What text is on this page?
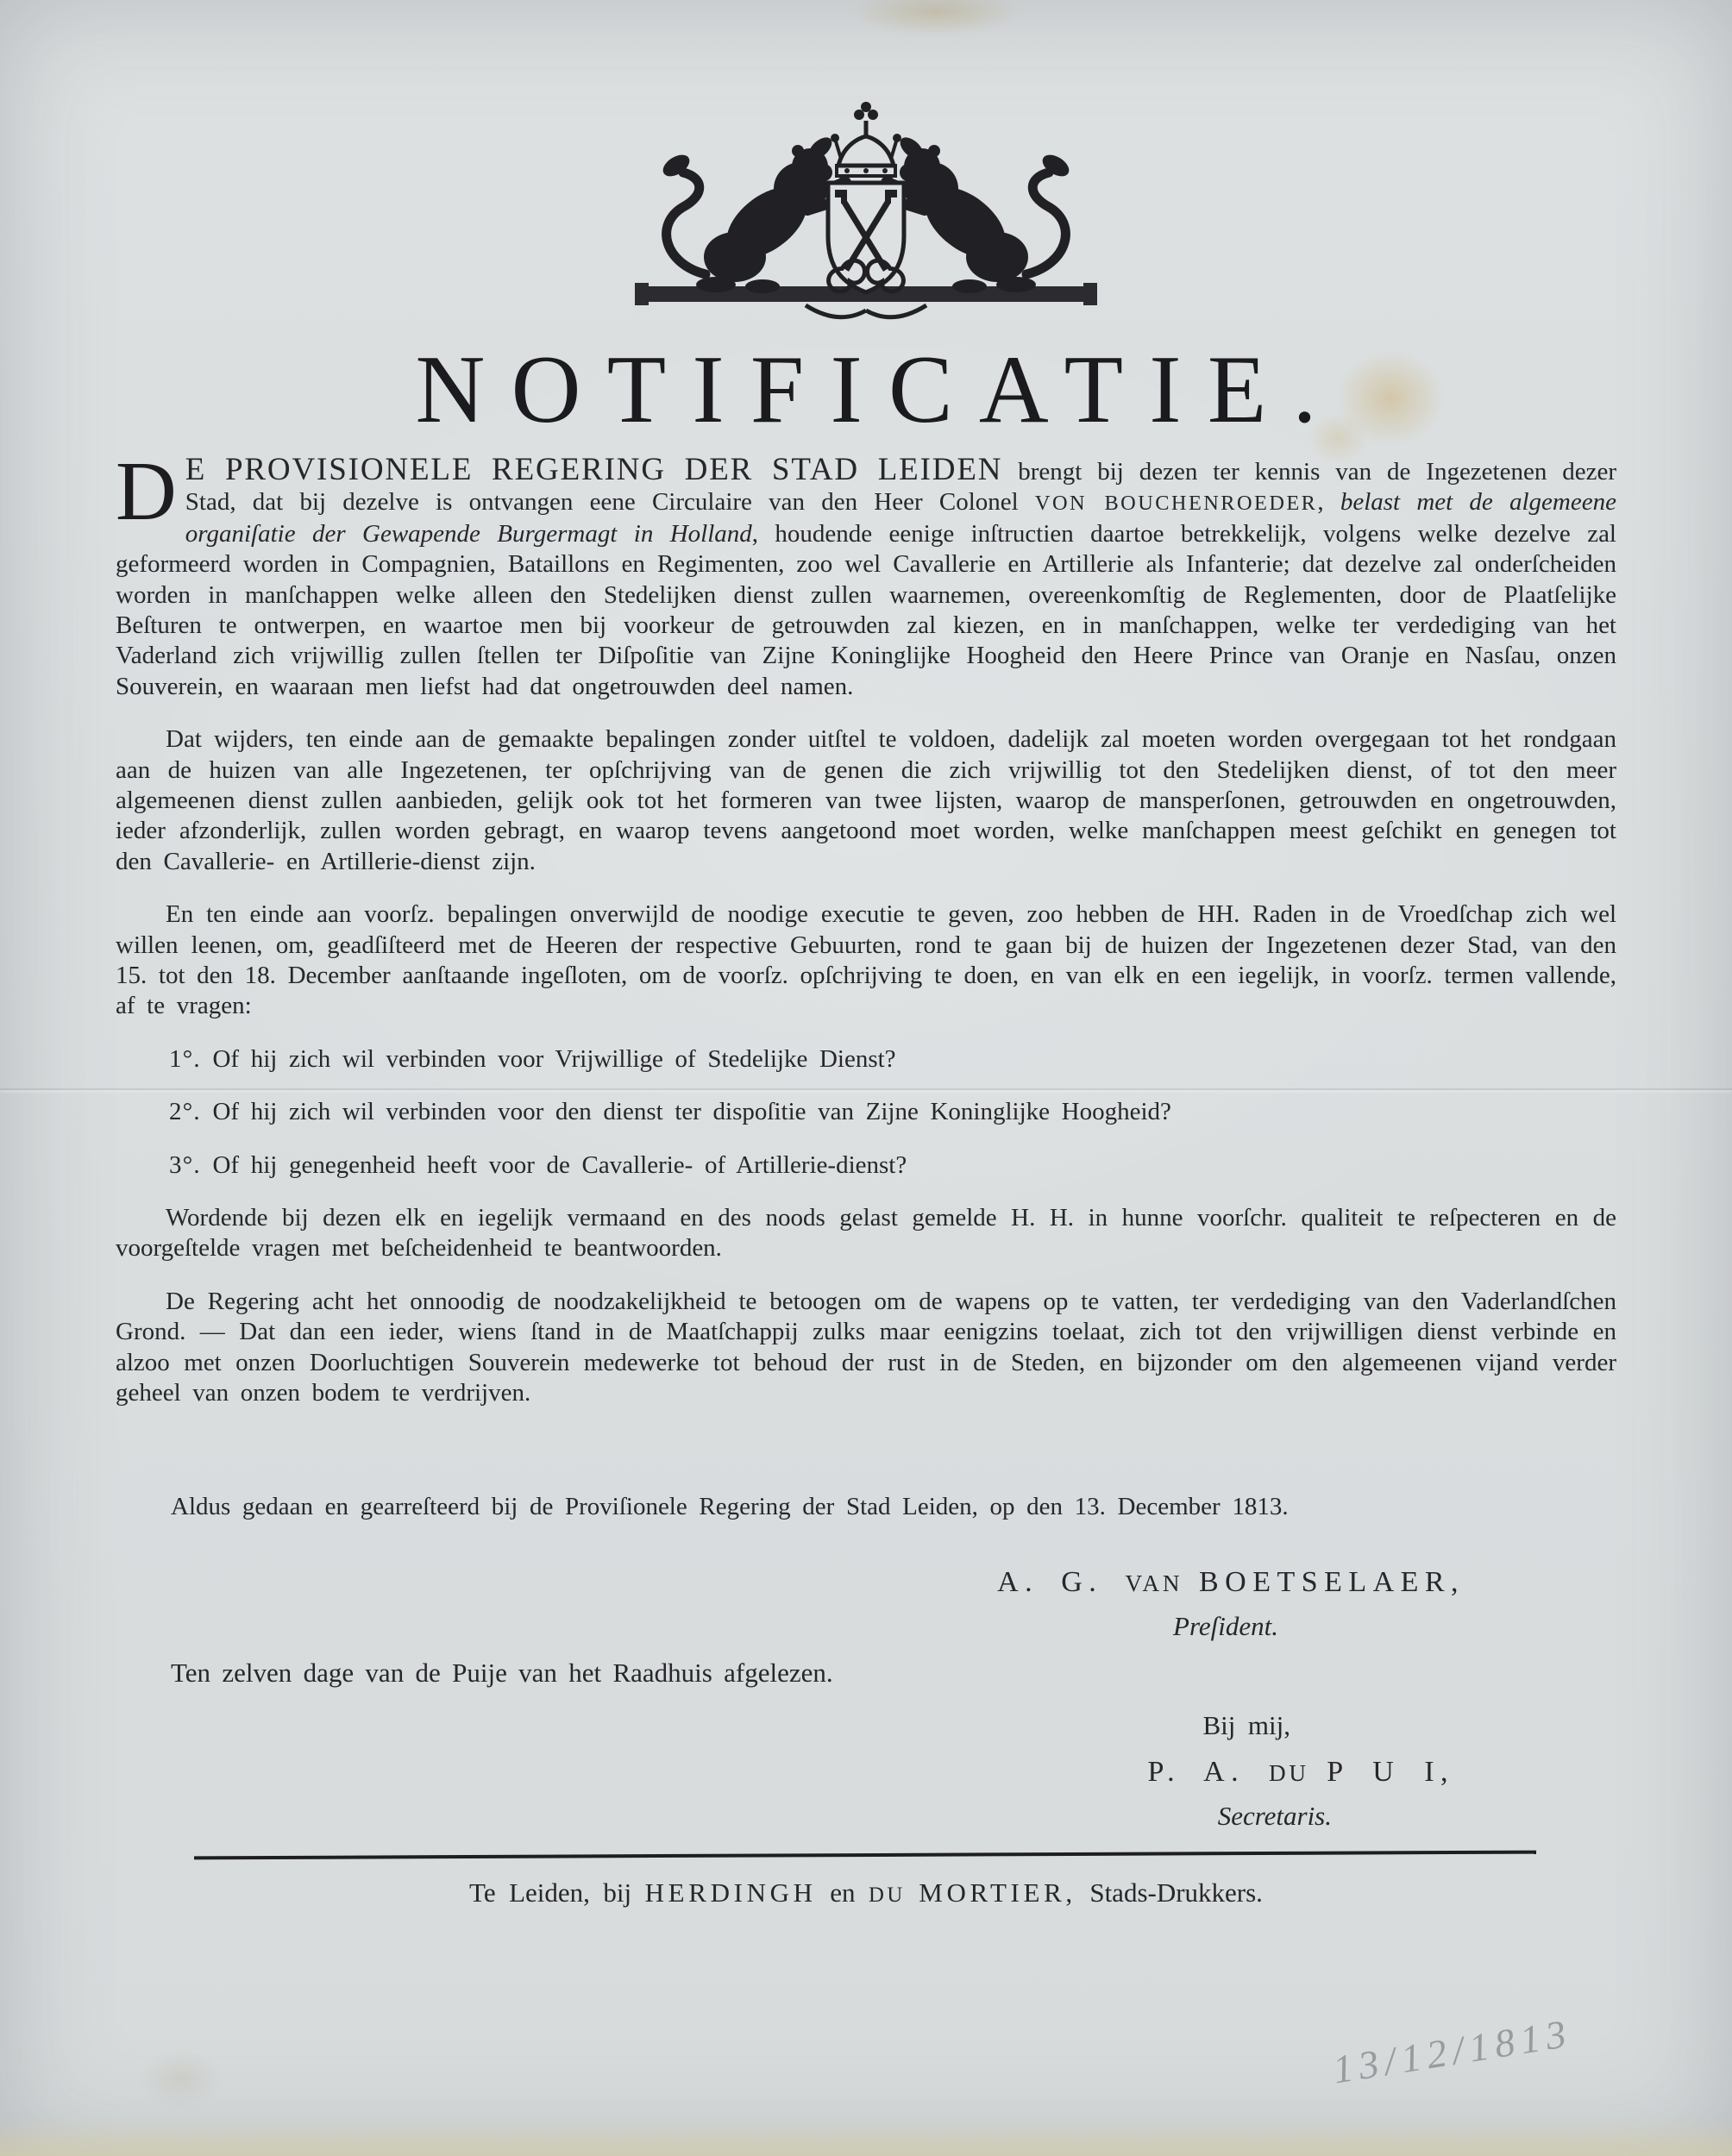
NOTIFICATIE.

D E PROVISIONELE REGERING DER STAD LEIDEN brengt bij dezen ter kennis van de Ingezetenen dezer Stad, dat bij dezelve is ontvangen eene Circulaire van den Heer Colonel VON BOUCHENROEDER, belast met de algemeene organiſatie der Gewapende Burgermagt in Holland, houdende eenige inſtructien daartoe betrekkelijk, volgens welke dezelve zal geformeerd worden in Compagnien, Bataillons en Regimenten, zoo wel Cavallerie en Artillerie als Infanterie; dat dezelve zal onderſcheiden worden in manſchappen welke alleen den Stedelijken dienst zullen waarnemen, overeenkomſtig de Reglementen, door de Plaatſelijke Beſturen te ontwerpen, en waartoe men bij voorkeur de getrouwden zal kiezen, en in manſchappen, welke ter verdediging van het Vaderland zich vrijwillig zullen ſtellen ter Diſpoſitie van Zijne Koninglijke Hoogheid den Heere Prince van Oranje en Nasſau, onzen Souverein, en waaraan men liefst had dat ongetrouwden deel namen.

Dat wijders, ten einde aan de gemaakte bepalingen zonder uitſtel te voldoen, dadelijk zal moeten worden overgegaan tot het rondgaan aan de huizen van alle Ingezetenen, ter opſchrijving van de genen die zich vrijwillig tot den Stedelijken dienst, of tot den meer algemeenen dienst zullen aanbieden, gelijk ook tot het formeren van twee lijsten, waarop de mansperſonen, getrouwden en ongetrouwden, ieder afzonderlijk, zullen worden gebragt, en waarop tevens aangetoond moet worden, welke manſchappen meest geſchikt en genegen tot den Cavallerie- en Artillerie-dienst zijn.

En ten einde aan voorſz. bepalingen onverwijld de noodige executie te geven, zoo hebben de HH. Raden in de Vroedſchap zich wel willen leenen, om, geadſiſteerd met de Heeren der respective Gebuurten, rond te gaan bij de huizen der Ingezetenen dezer Stad, van den 15. tot den 18. December aanſtaande ingeſloten, om de voorſz. opſchrijving te doen, en van elk en een iegelijk, in voorſz. termen vallende, af te vragen:

1°. Of hij zich wil verbinden voor Vrijwillige of Stedelijke Dienst?

2°. Of hij zich wil verbinden voor den dienst ter dispoſitie van Zijne Koninglijke Hoogheid?

3°. Of hij genegenheid heeft voor de Cavallerie- of Artillerie-dienst?

Wordende bij dezen elk en iegelijk vermaand en des noods gelast gemelde H. H. in hunne voorſchr. qualiteit te reſpecteren en de voorgeſtelde vragen met beſcheidenheid te beantwoorden.

De Regering acht het onnoodig de noodzakelijkheid te betoogen om de wapens op te vatten, ter verdediging van den Vaderlandſchen Grond. — Dat dan een ieder, wiens ſtand in de Maatſchappij zulks maar eenigzins toelaat, zich tot den vrijwilligen dienst verbinde en alzoo met onzen Doorluchtigen Souverein medewerke tot behoud der rust in de Steden, en bijzonder om den algemeenen vijand verder geheel van onzen bodem te verdrijven.

Aldus gedaan en gearreſteerd bij de Proviſionele Regering der Stad Leiden, op den 13. December 1813.

A. G. VAN BOETSELAER,

Preſident.

Ten zelven dage van de Puije van het Raadhuis afgelezen.

Bij mij,

P. A. DU P U I,

Secretaris.

Te Leiden, bij HERDINGH en DU MORTIER, Stads-Drukkers.

13/12/1813
